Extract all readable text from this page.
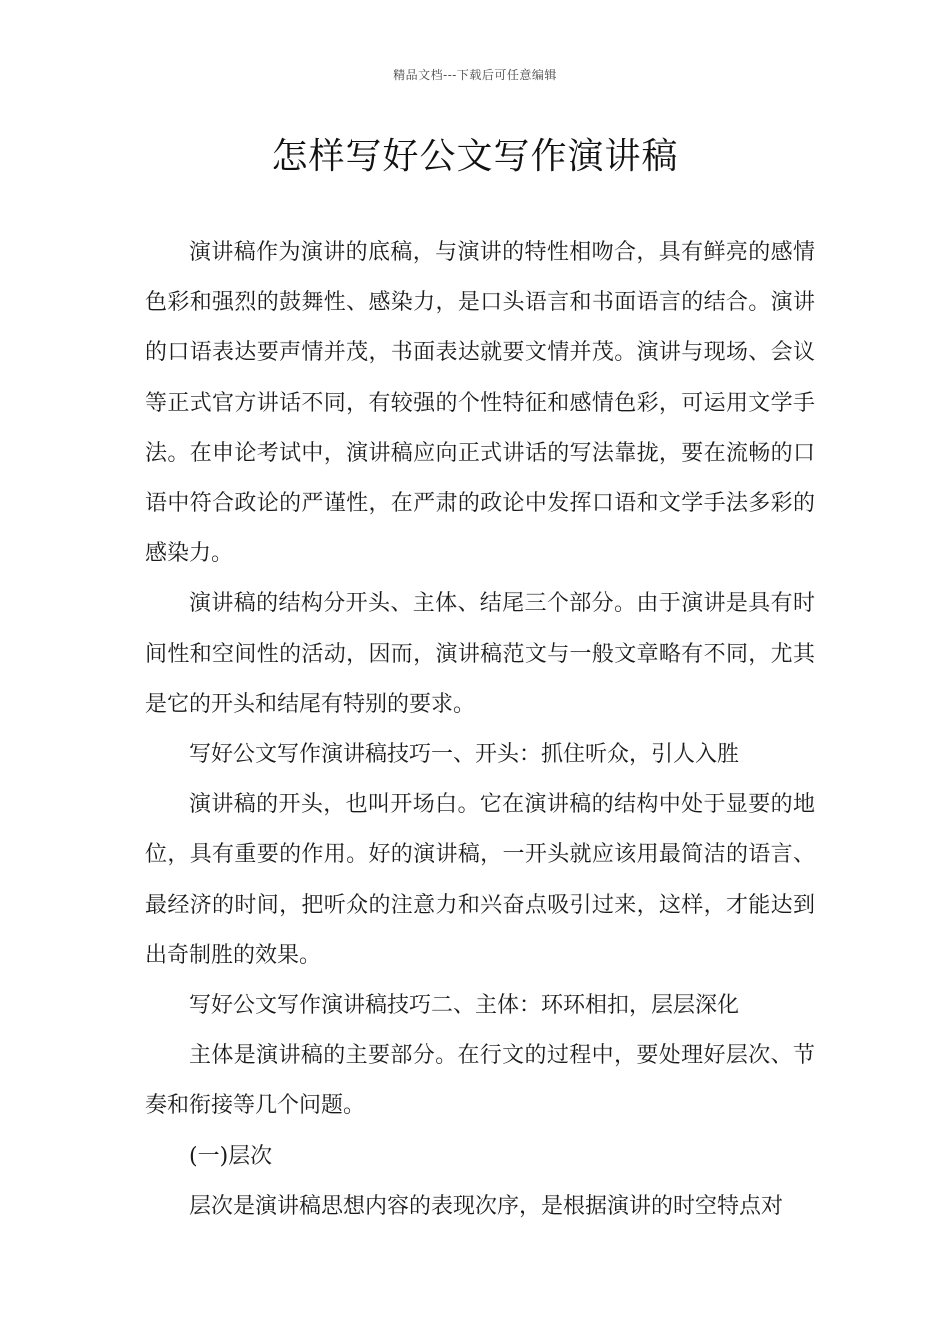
精品文档---下载后可任意编辑
怎样写好公文写作演讲稿

演讲稿作为演讲的底稿，与演讲的特性相吻合，具有鲜亮的感情色彩和强烈的鼓舞性、感染力，是口头语言和书面语言的结合。演讲的口语表达要声情并茂，书面表达就要文情并茂。演讲与现场、会议等正式官方讲话不同，有较强的个性特征和感情色彩，可运用文学手法。在申论考试中，演讲稿应向正式讲话的写法靠拢，要在流畅的口语中符合政论的严谨性，在严肃的政论中发挥口语和文学手法多彩的感染力。

演讲稿的结构分开头、主体、结尾三个部分。由于演讲是具有时间性和空间性的活动，因而，演讲稿范文与一般文章略有不同，尤其是它的开头和结尾有特别的要求。

写好公文写作演讲稿技巧一、开头：抓住听众，引人入胜

演讲稿的开头，也叫开场白。它在演讲稿的结构中处于显要的地位，具有重要的作用。好的演讲稿，一开头就应该用最简洁的语言、最经济的时间，把听众的注意力和兴奋点吸引过来，这样，才能达到出奇制胜的效果。

写好公文写作演讲稿技巧二、主体：环环相扣，层层深化

主体是演讲稿的主要部分。在行文的过程中，要处理好层次、节奏和衔接等几个问题。

(一)层次

层次是演讲稿思想内容的表现次序，是根据演讲的时空特点对
